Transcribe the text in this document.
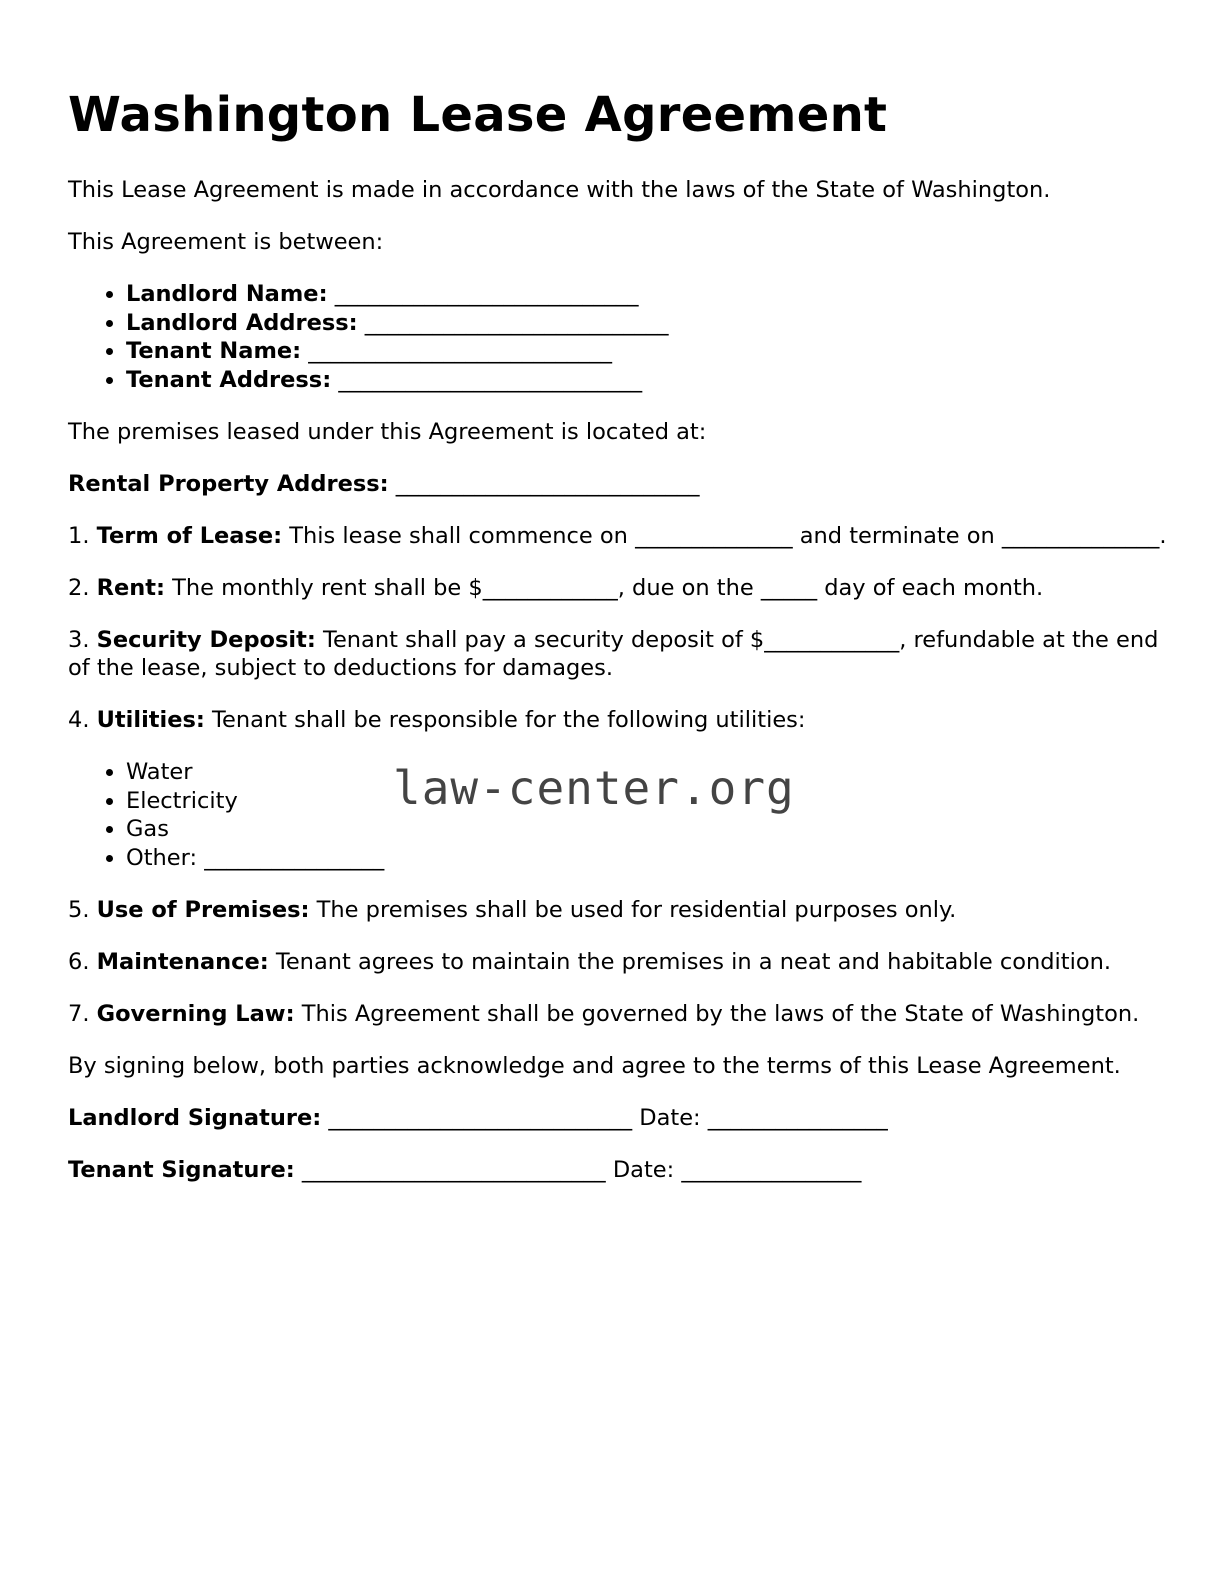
Washington Lease Agreement

This Lease Agreement is made in accordance with the laws of the State of Washington.

This Agreement is between:

• Landlord Name: ___________________________
• Landlord Address: ___________________________
• Tenant Name: ___________________________
• Tenant Address: ___________________________

The premises leased under this Agreement is located at:

Rental Property Address: ___________________________

1. Term of Lease: This lease shall commence on ______________ and terminate on ______________.

2. Rent: The monthly rent shall be $____________, due on the _____ day of each month.

3. Security Deposit: Tenant shall pay a security deposit of $____________, refundable at the end of the lease, subject to deductions for damages.

4. Utilities: Tenant shall be responsible for the following utilities:

• Water
• Electricity
• Gas
• Other: ________________

5. Use of Premises: The premises shall be used for residential purposes only.

6. Maintenance: Tenant agrees to maintain the premises in a neat and habitable condition.

7. Governing Law: This Agreement shall be governed by the laws of the State of Washington.

By signing below, both parties acknowledge and agree to the terms of this Lease Agreement.

Landlord Signature: ___________________________ Date: ________________

Tenant Signature: ___________________________ Date: ________________

law-center.org
